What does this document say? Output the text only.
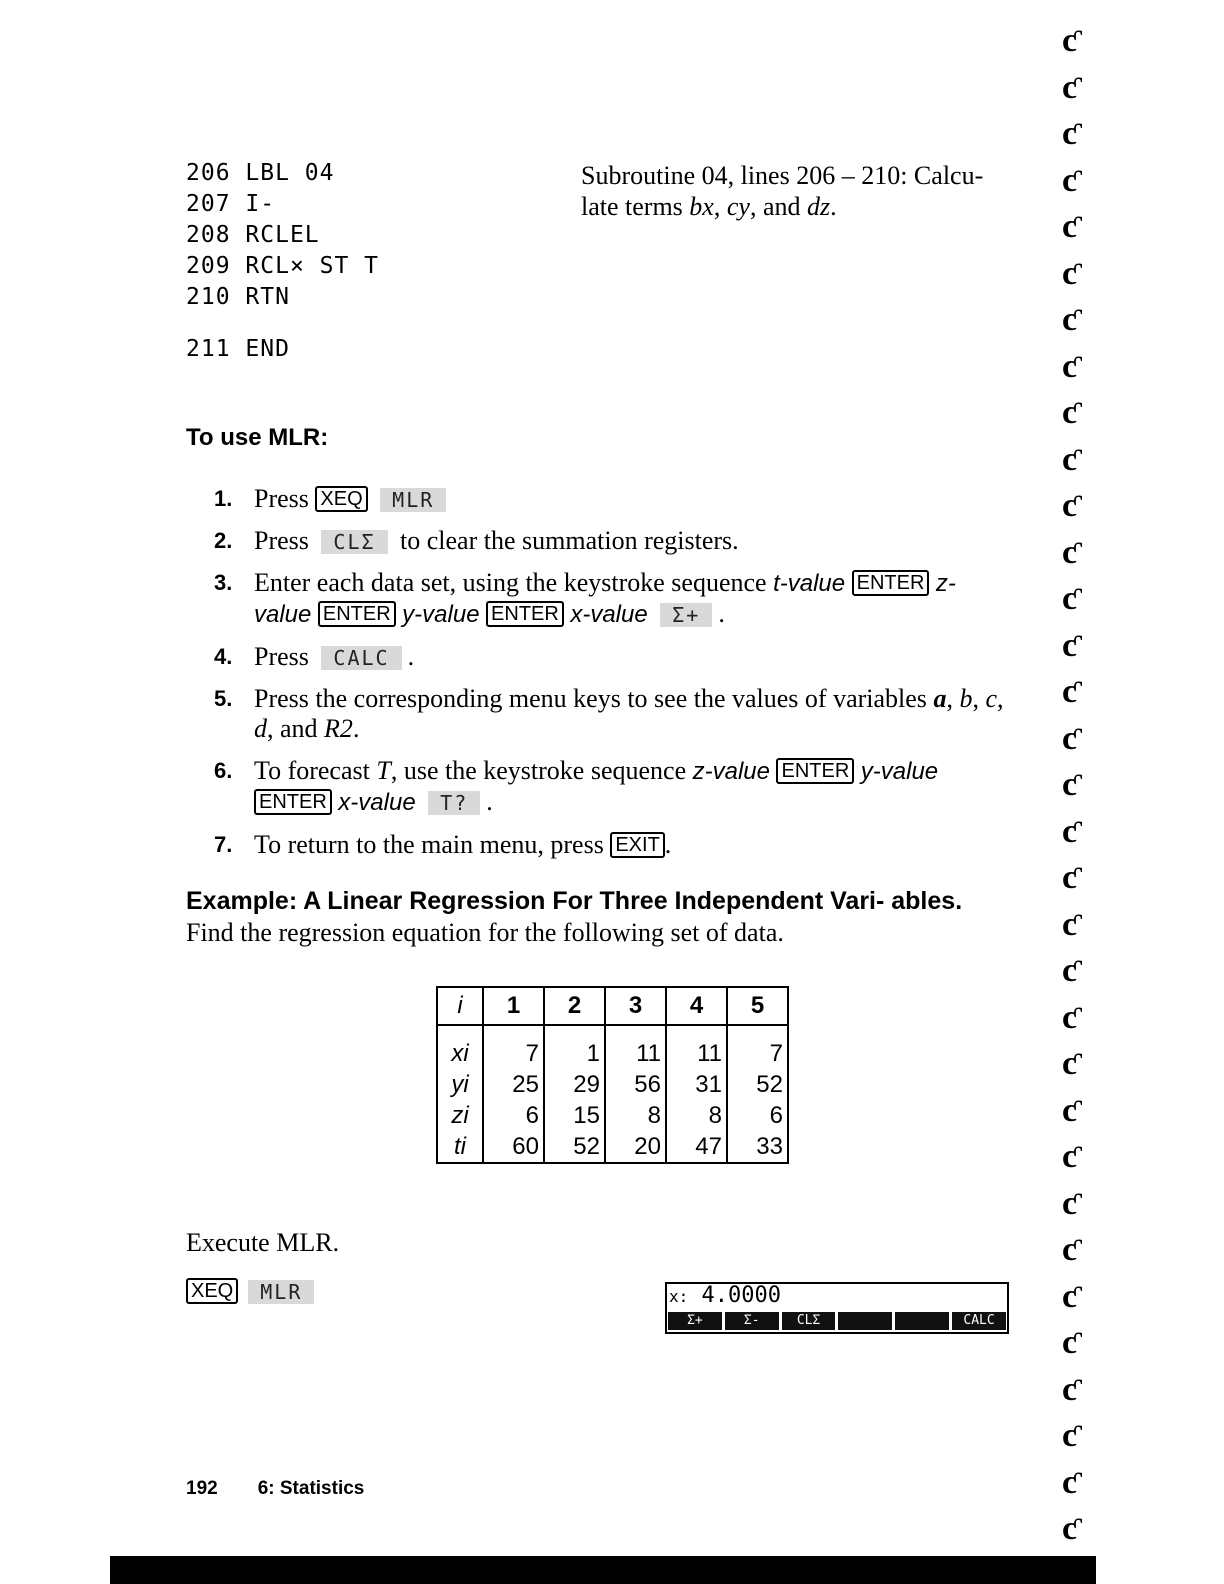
206 LBL 04
207 I-
208 RCLEL
209 RCL× ST T
210 RTN
211 END
Subroutine 04, lines 206 – 210: Calcu- late terms bx, cy, and dz.
To use MLR:
1. Press XEQ MLR
2. Press CLΣ to clear the summation registers.
3. Enter each data set, using the keystroke sequence t-value ENTER z-value ENTER y-value ENTER x-value Σ+ .
4. Press CALC .
5. Press the corresponding menu keys to see the values of variables a, b, c, d, and R2.
6. To forecast T, use the keystroke sequence z-value ENTER y-value ENTER x-value T? .
7. To return to the main menu, press EXIT .
Example: A Linear Regression For Three Independent Vari- ables. Find the regression equation for the following set of data.
i	1	2	3	4	5
xi	7	1	11	11	7
yi	25	29	56	31	52
zi	6	15	8	8	6
ti	60	52	20	47	33
Execute MLR.
XEQ MLR	x: 4.0000
Σ+	Σ-	CLΣ	CALC
192 6: Statistics
ƈ
ƈ
ƈ
ƈ
ƈ
ƈ
ƈ
ƈ
ƈ
ƈ
ƈ
ƈ
ƈ
ƈ
ƈ
ƈ
ƈ
ƈ
ƈ
ƈ
ƈ
ƈ
ƈ
ƈ
ƈ
ƈ
ƈ
ƈ
ƈ
ƈ
ƈ
ƈ
ƈ
